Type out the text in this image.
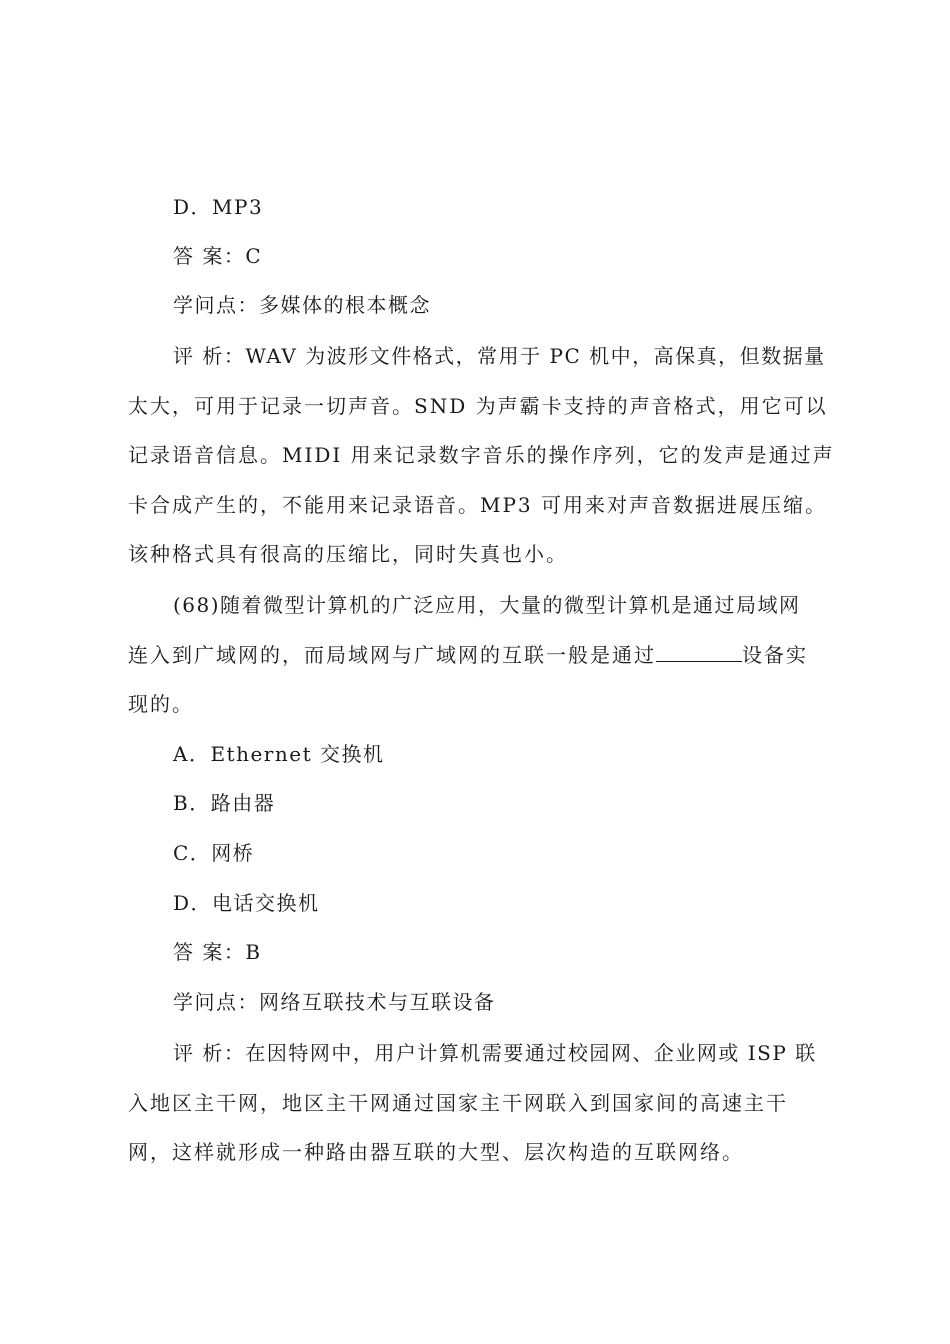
D．MP3
答 案：C
学问点：多媒体的根本概念
评 析：WAV 为波形文件格式，常用于 PC 机中，高保真，但数据量
太大，可用于记录一切声音。SND 为声霸卡支持的声音格式，用它可以
记录语音信息。MIDI 用来记录数字音乐的操作序列，它的发声是通过声
卡合成产生的，不能用来记录语音。MP3 可用来对声音数据进展压缩。
该种格式具有很高的压缩比，同时失真也小。
(68)随着微型计算机的广泛应用，大量的微型计算机是通过局域网
连入到广域网的，而局域网与广域网的互联一般是通过	设备实
现的。
A．Ethernet 交换机
B．路由器
C．网桥
D．电话交换机
答 案：B
学问点：网络互联技术与互联设备
评 析：在因特网中，用户计算机需要通过校园网、企业网或 ISP 联
入地区主干网，地区主干网通过国家主干网联入到国家间的高速主干
网，这样就形成一种路由器互联的大型、层次构造的互联网络。
